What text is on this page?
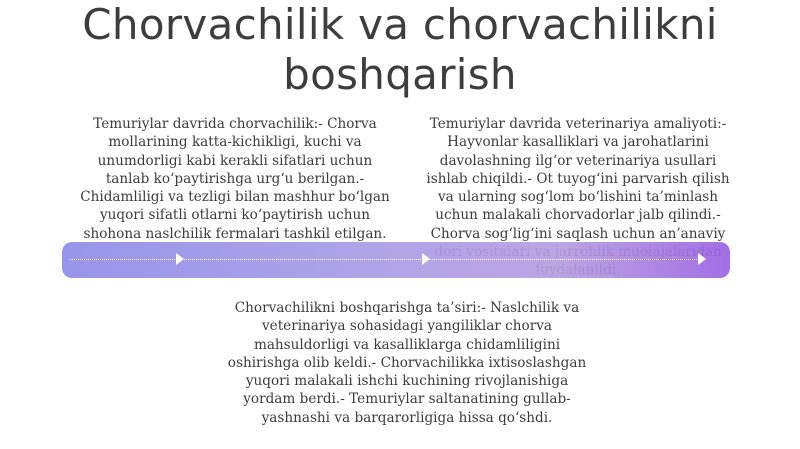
Chorvachilik va chorvachilikni boshqarish

Temuriylar davrida chorvachilik:- Chorva mollarining katta-kichikligi, kuchi va unumdorligi kabi kerakli sifatlari uchun tanlab ko‘paytirishga urg‘u berilgan.- Chidamliligi va tezligi bilan mashhur bo‘lgan yuqori sifatli otlarni ko‘paytirish uchun shohona naslchilik fermalari tashkil etilgan.

Temuriylar davrida veterinariya amaliyoti:- Hayvonlar kasalliklari va jarohatlarini davolashning ilg‘or veterinariya usullari ishlab chiqildi.- Ot tuyog‘ini parvarish qilish va ularning sog‘lom bo‘lishini ta’minlash uchun malakali chorvadorlar jalb qilindi.- Chorva sog‘lig‘ini saqlash uchun an’anaviy

Chorvachilikni boshqarishga ta’siri:- Naslchilik va veterinariya sohasidagi yangiliklar chorva mahsuldorligi va kasalliklarga chidamliligini oshirishga olib keldi.- Chorvachilikka ixtisoslashgan yuqori malakali ishchi kuchining rivojlanishiga yordam berdi.- Temuriylar saltanatining gullab-yashnashi va barqarorligiga hissa qo‘shdi.
